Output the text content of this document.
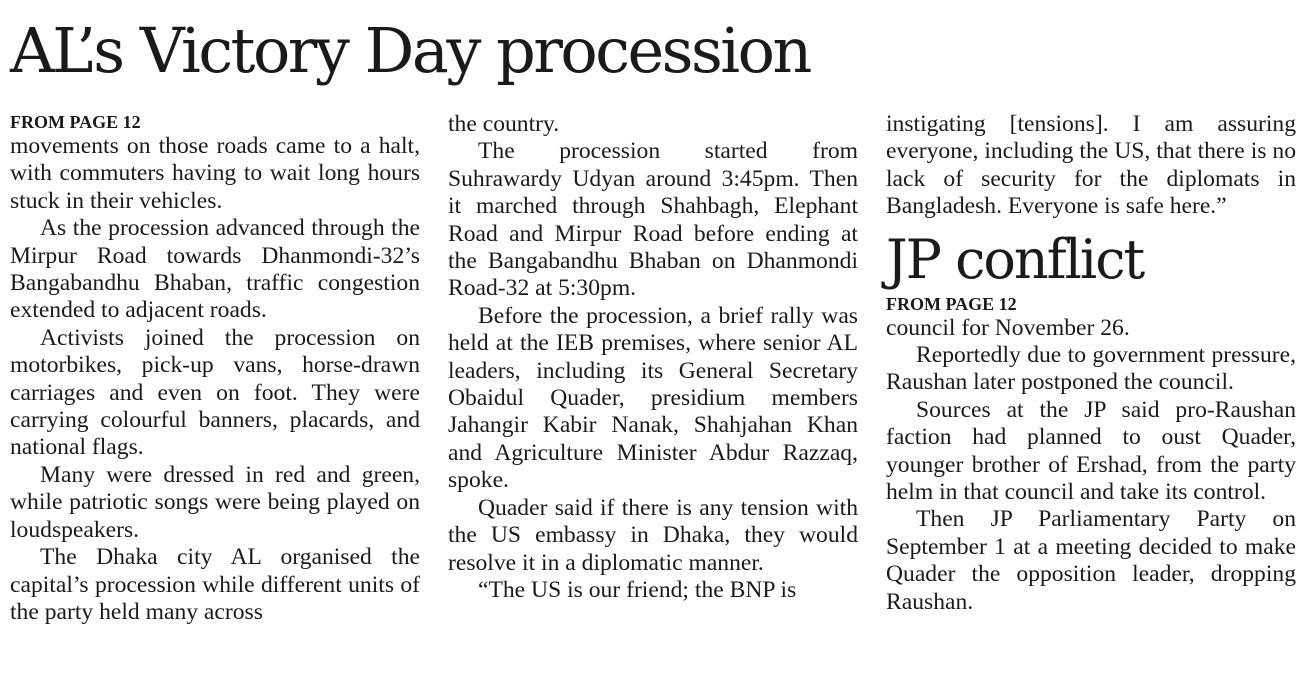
AL’s Victory Day procession
FROM PAGE 12

movements on those roads came to a halt, with commuters having to wait long hours stuck in their vehicles.

As the procession advanced through the Mirpur Road towards Dhanmondi-32’s Bangabandhu Bhaban, traffic congestion extended to adjacent roads.

Activists joined the procession on motorbikes, pick-up vans, horse-drawn carriages and even on foot. They were carrying colourful banners, placards, and national flags.

Many were dressed in red and green, while patriotic songs were being played on loudspeakers.

The Dhaka city AL organised the capital’s procession while different units of the party held many across

the country.

The procession started from Suhrawardy Udyan around 3:45pm. Then it marched through Shahbagh, Elephant Road and Mirpur Road before ending at the Bangabandhu Bhaban on Dhanmondi Road-32 at 5:30pm.

Before the procession, a brief rally was held at the IEB premises, where senior AL leaders, including its General Secretary Obaidul Quader, presidium members Jahangir Kabir Nanak, Shahjahan Khan and Agriculture Minister Abdur Razzaq, spoke.

Quader said if there is any tension with the US embassy in Dhaka, they would resolve it in a diplomatic manner.

“The US is our friend; the BNP is

instigating [tensions]. I am assuring everyone, including the US, that there is no lack of security for the diplomats in Bangladesh. Everyone is safe here.”

JP conflict
FROM PAGE 12

council for November 26.

Reportedly due to government pressure, Raushan later postponed the council.

Sources at the JP said pro-Raushan faction had planned to oust Quader, younger brother of Ershad, from the party helm in that council and take its control.

Then JP Parliamentary Party on September 1 at a meeting decided to make Quader the opposition leader, dropping Raushan.
